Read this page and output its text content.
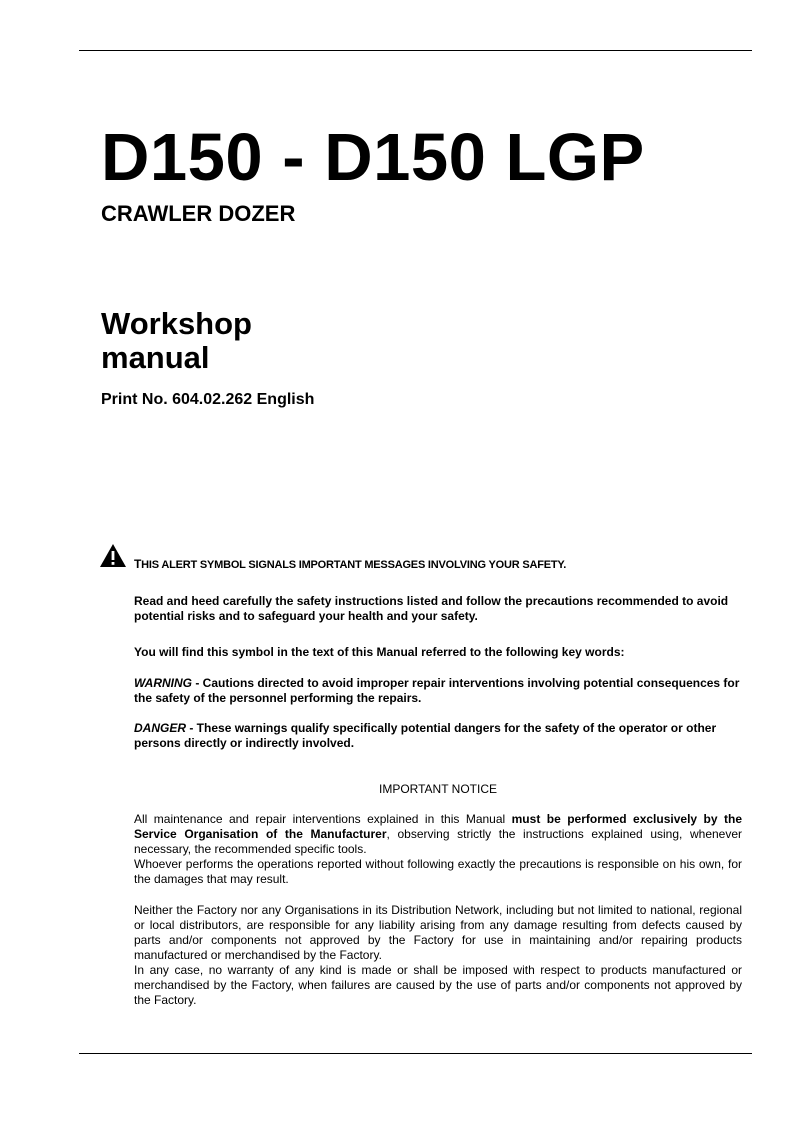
D150 - D150 LGP
CRAWLER DOZER
Workshop
manual
Print No. 604.02.262 English
THIS ALERT SYMBOL SIGNALS IMPORTANT MESSAGES INVOLVING YOUR SAFETY.

Read and heed carefully the safety instructions listed and follow the precautions recommended to avoid potential risks and to safeguard your health and your safety.

You will find this symbol in the text of this Manual referred to the following key words:

WARNING - Cautions directed to avoid improper repair interventions involving potential consequences for the safety of the personnel performing the repairs.

DANGER - These warnings qualify specifically potential dangers for the safety of the operator or other persons directly or indirectly involved.

IMPORTANT NOTICE

All maintenance and repair interventions explained in this Manual must be performed exclusively by the Service Organisation of the Manufacturer, observing strictly the instructions explained using, whenever necessary, the recommended specific tools.

Whoever performs the operations reported without following exactly the precautions is responsible on his own, for the damages that may result.

Neither the Factory nor any Organisations in its Distribution Network, including but not limited to national, regional or local distributors, are responsible for any liability arising from any damage resulting from defects caused by parts and/or components not approved by the Factory for use in maintaining and/or repairing products manufactured or merchandised by the Factory.

In any case, no warranty of any kind is made or shall be imposed with respect to products manufactured or merchandised by the Factory, when failures are caused by the use of parts and/or components not approved by the Factory.
